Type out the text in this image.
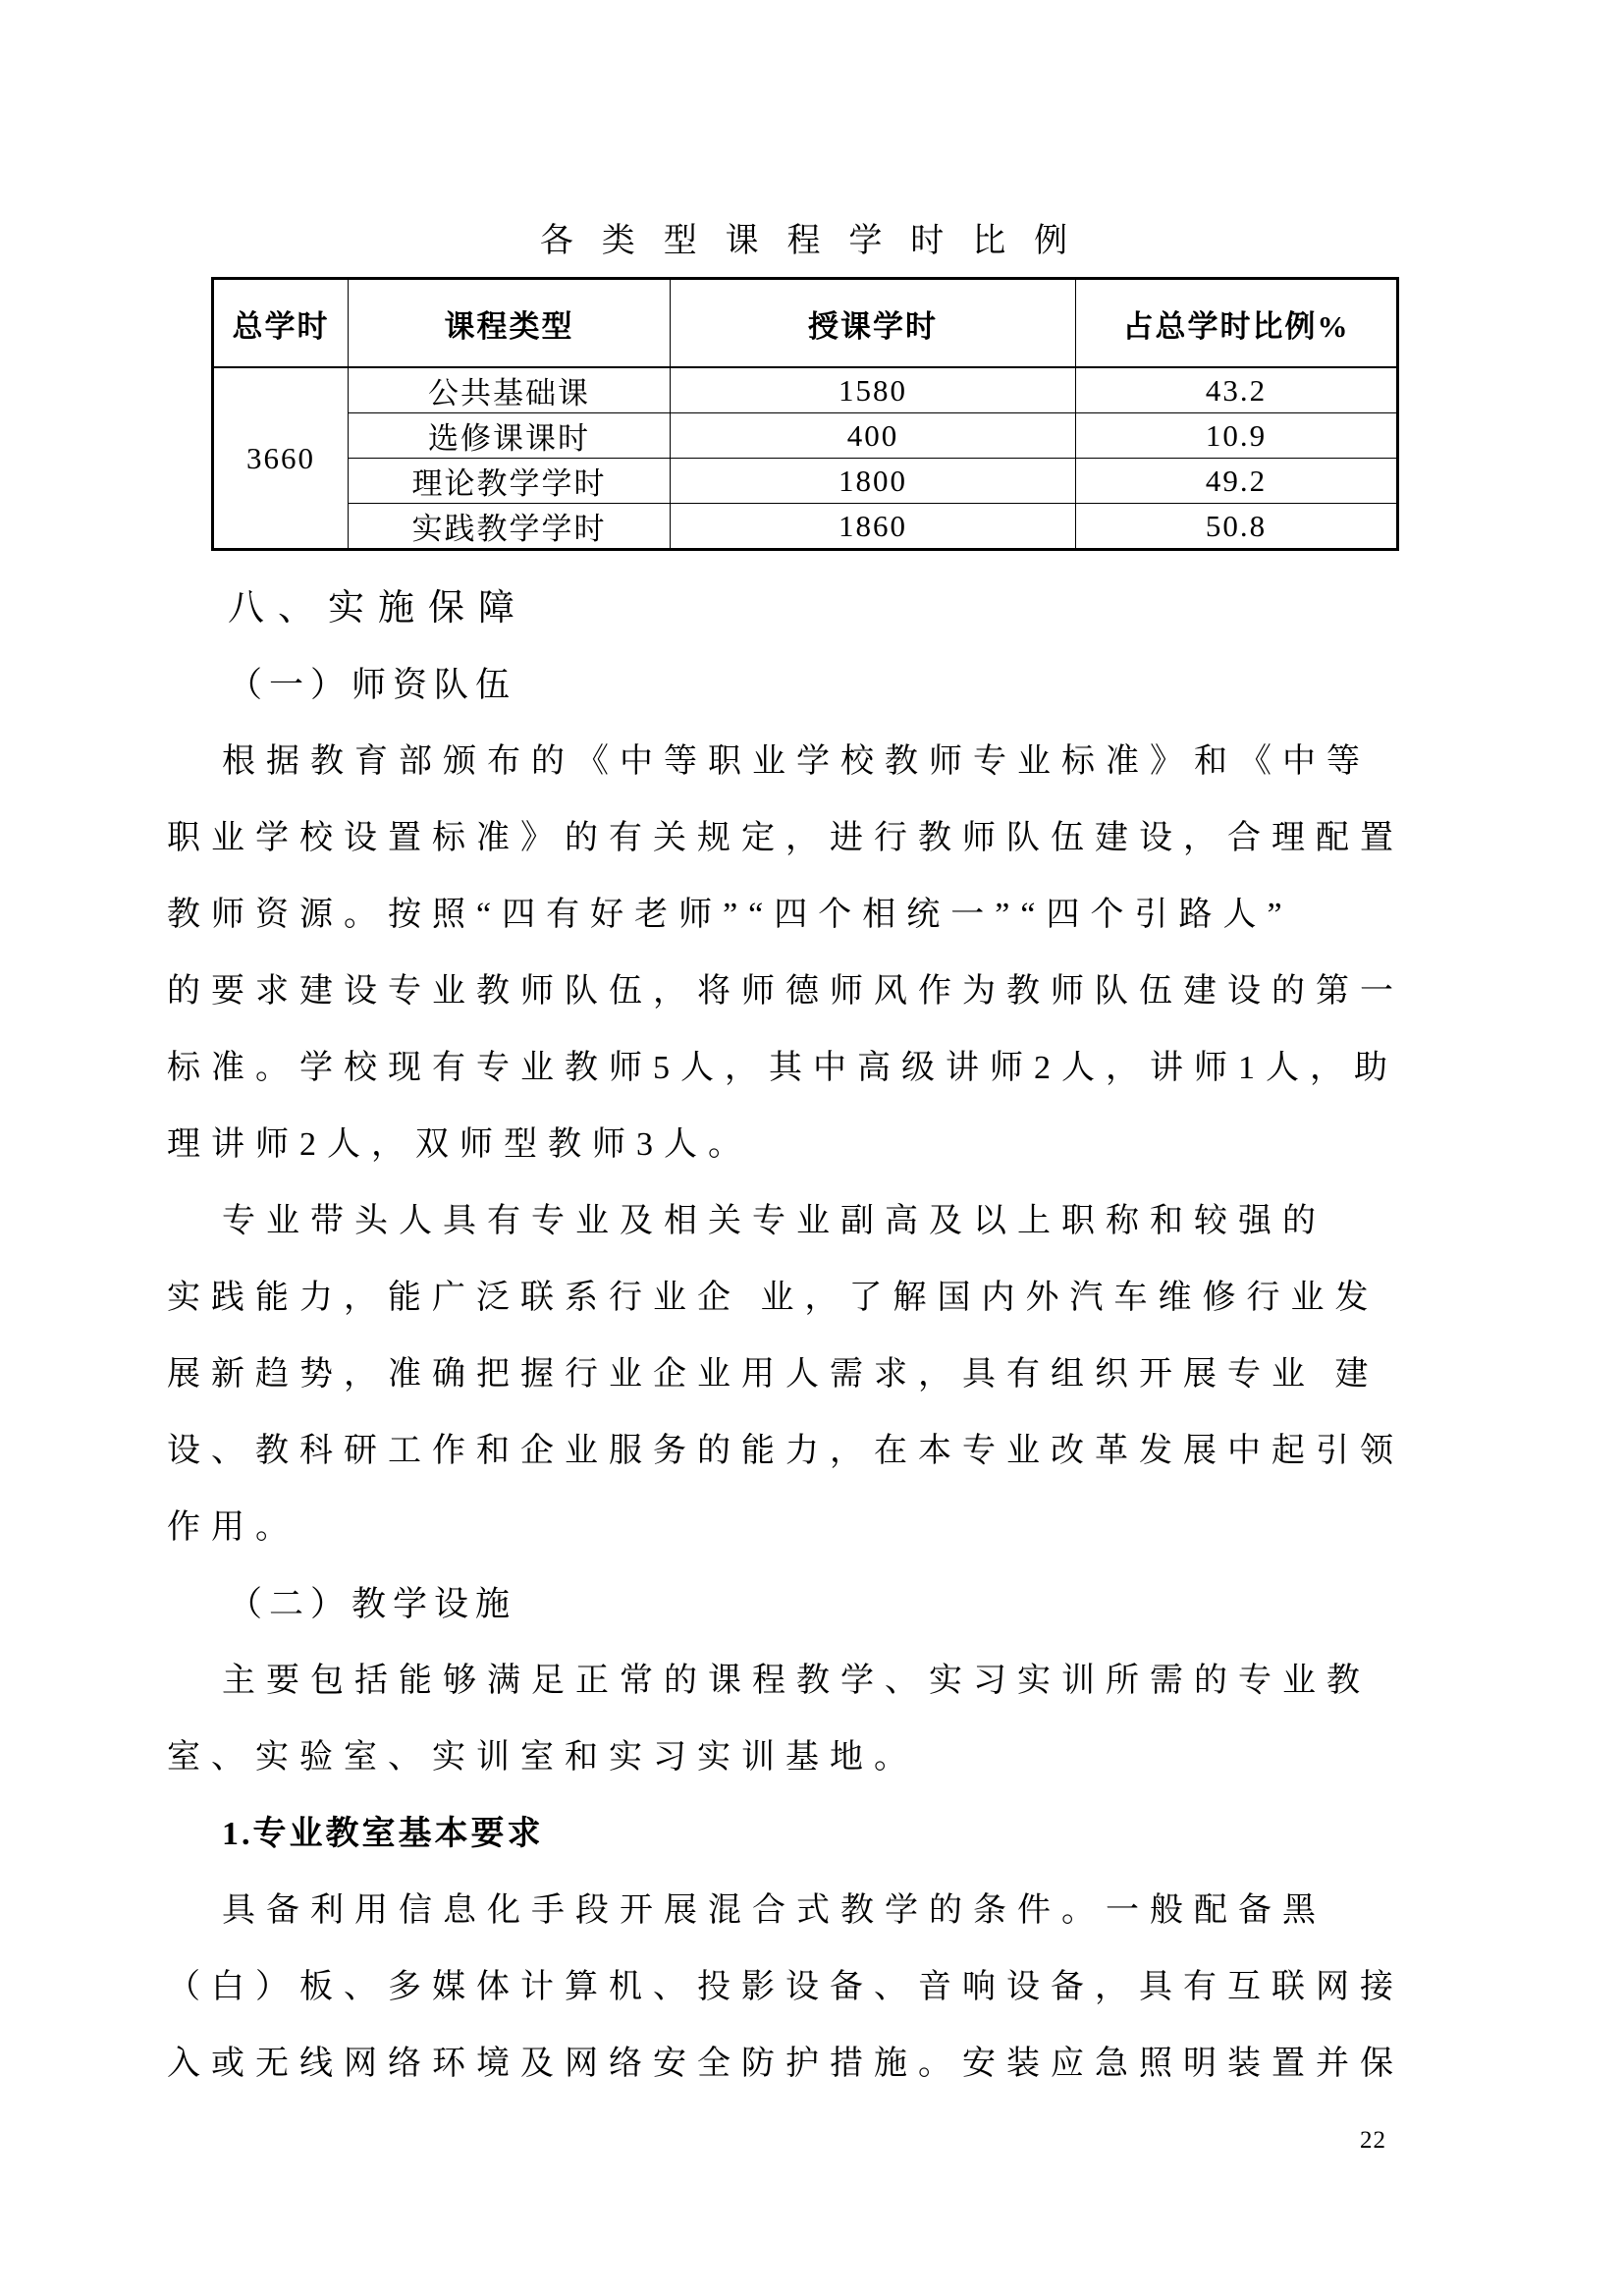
各类型课程学时比例
总学时	课程类型	授课学时	占总学时比例%
3660	公共基础课	1580	43.2
	选修课课时	400	10.9
	理论教学学时	1800	49.2
	实践教学学时	1860	50.8
八、实施保障
（一）师资队伍
根据教育部颁布的《中等职业学校教师专业标准》和《中等
职业学校设置标准》的有关规定，进行教师队伍建设，合理配置
教师资源。按照“四有好老师”“四个相统一”“四个引路人”
的要求建设专业教师队伍，将师德师风作为教师队伍建设的第一
标准。学校现有专业教师5人，其中高级讲师2人，讲师1人，助
理讲师2人，双师型教师3人。
专业带头人具有专业及相关专业副高及以上职称和较强的
实践能力，能广泛联系行业企 业，了解国内外汽车维修行业发
展新趋势，准确把握行业企业用人需求，具有组织开展专业 建
设、教科研工作和企业服务的能力，在本专业改革发展中起引领
作用。
（二）教学设施
主要包括能够满足正常的课程教学、实习实训所需的专业教
室、实验室、实训室和实习实训基地。
1.专业教室基本要求
具备利用信息化手段开展混合式教学的条件。一般配备黑
（白）板、多媒体计算机、投影设备、音响设备，具有互联网接
入或无线网络环境及网络安全防护措施。安装应急照明装置并保
22
